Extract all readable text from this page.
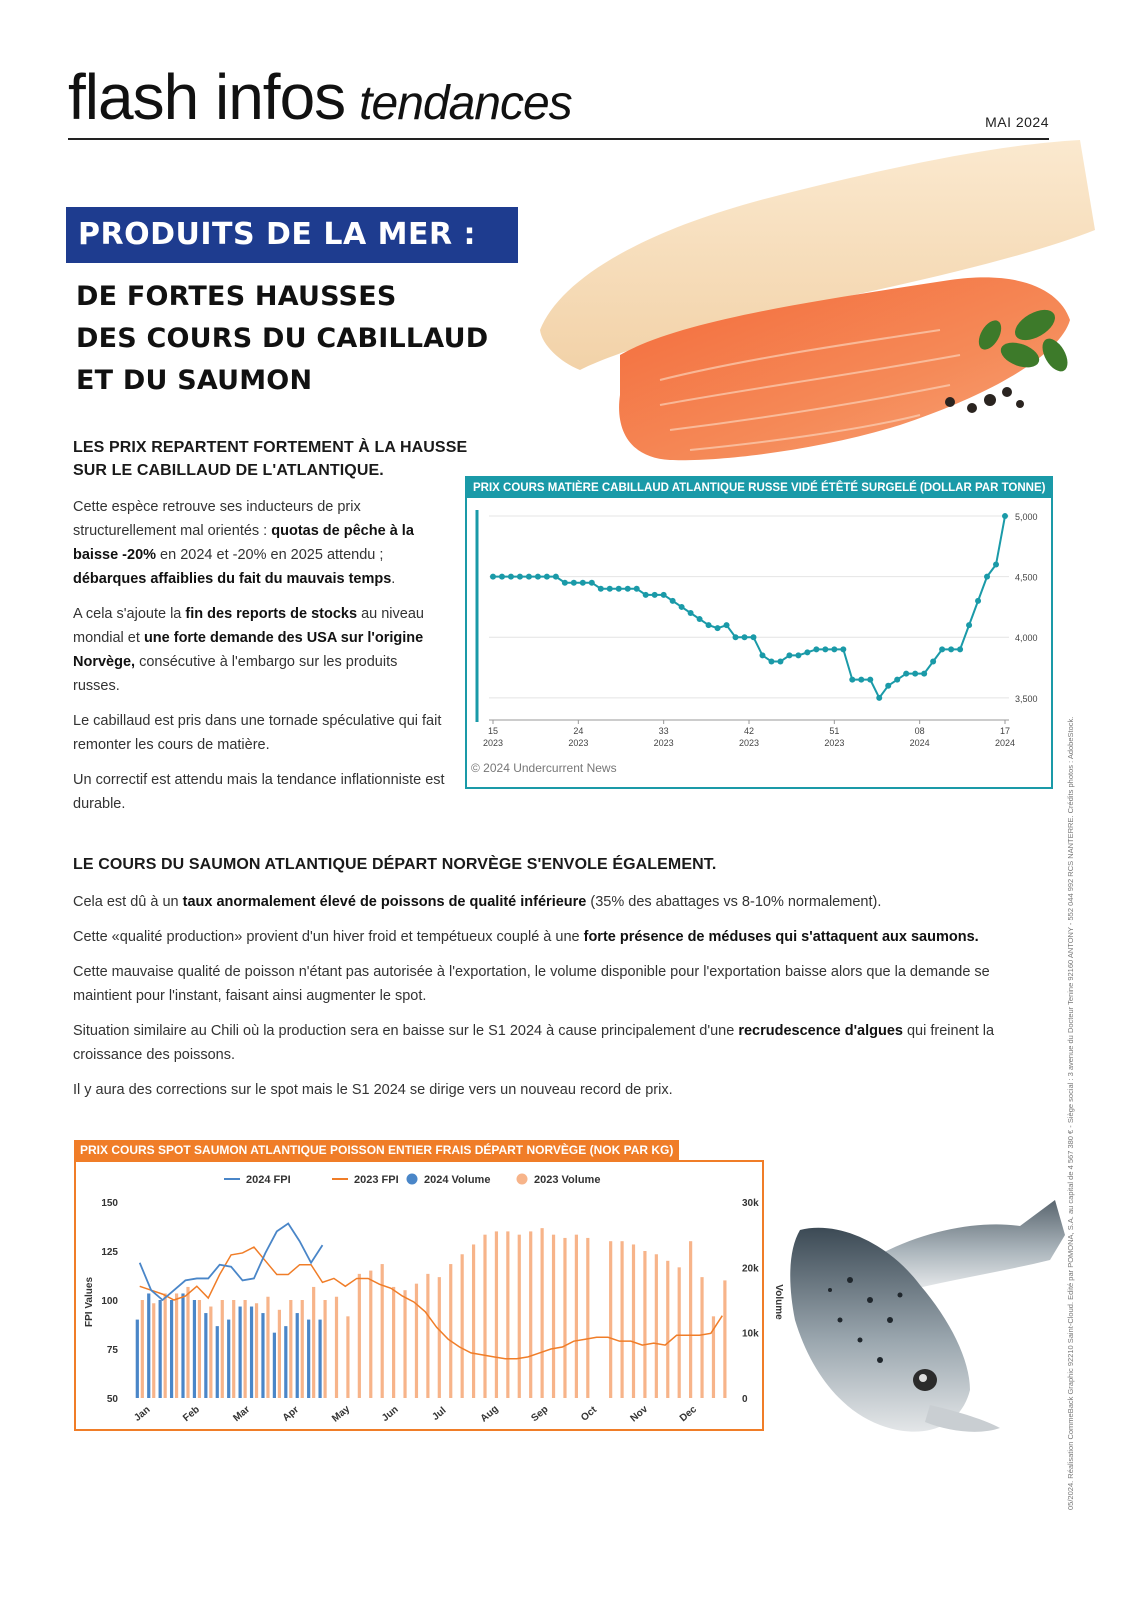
flash infos tendances	MAI 2024
PRODUITS DE LA MER :
DE FORTES HAUSSES
DES COURS DU CABILLAUD
ET DU SAUMON
LES PRIX REPARTENT FORTEMENT À LA HAUSSE
SUR LE CABILLAUD DE L'ATLANTIQUE.

Cette espèce retrouve ses inducteurs de prix structurellement mal orientés : quotas de pêche à la baisse -20% en 2024 et -20% en 2025 attendu ; débarques affaiblies du fait du mauvais temps.

A cela s'ajoute la fin des reports de stocks au niveau mondial et une forte demande des USA sur l'origine Norvège, consécutive à l'embargo sur les produits russes.

Le cabillaud est pris dans une tornade spéculative qui fait remonter les cours de matière.

Un correctif est attendu mais la tendance inflationniste est durable.

PRIX COURS MATIÈRE CABILLAUD ATLANTIQUE RUSSE VIDÉ ÉTÊTÉ SURGELÉ (DOLLAR PAR TONNE)
3,500
4,000
4,500
5,000
15
2023
24
2023
33
2023
42
2023
51
2023
08
2024
17
2024
© 2024 Undercurrent News
LE COURS DU SAUMON ATLANTIQUE DÉPART NORVÈGE S'ENVOLE ÉGALEMENT.

Cela est dû à un taux anormalement élevé de poissons de qualité inférieure (35% des abattages vs 8-10% normalement).

Cette «qualité production» provient d'un hiver froid et tempétueux couplé à une forte présence de méduses qui s'attaquent aux saumons.

Cette mauvaise qualité de poisson n'étant pas autorisée à l'exportation, le volume disponible pour l'exportation baisse alors que la demande se maintient pour l'instant, faisant ainsi augmenter le spot.

Situation similaire au Chili où la production sera en baisse sur le S1 2024 à cause principalement d'une recrudescence d'algues qui freinent la croissance des poissons.

Il y aura des corrections sur le spot mais le S1 2024 se dirige vers un nouveau record de prix.

PRIX COURS SPOT SAUMON ATLANTIQUE POISSON ENTIER FRAIS DÉPART NORVÈGE (NOK PAR KG)
2024 FPI	2023 FPI 2024 Volume	2023 Volume
50
75
100
125
150
0
10k
20k
30k
FPI Values	Volume
Jan	Feb	Mar	Apr	May	Jun	Jul	Aug	Sep	Oct	Nov	Dec	05/2024. Réalisation CommeBack Graphic 92210 Saint-Cloud. Edité par POMONA, S.A. au capital de 4 567 380 € - Siège social : 3 avenue du Docteur Tenine 92160 ANTONY - 552 044 992 RCS NANTERRE. Crédits photos : AdobeStock.
